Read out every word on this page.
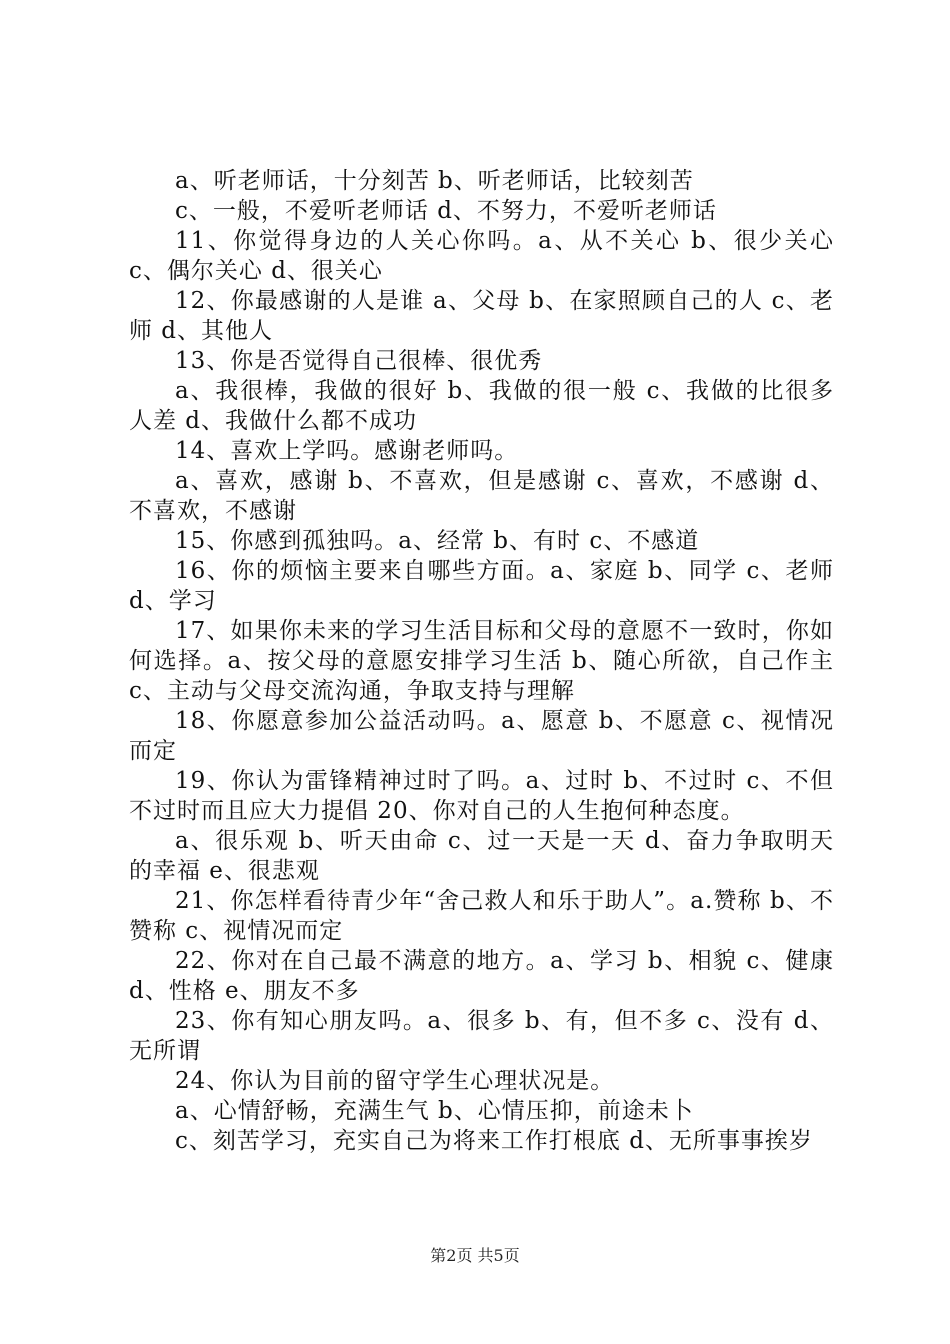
a、听老师话，十分刻苦 b、听老师话，比较刻苦

c、一般，不爱听老师话 d、不努力，不爱听老师话

11、你觉得身边的人关心你吗。a、从不关心 b、很少关心 c、偶尔关心 d、很关心

12、你最感谢的人是谁 a、父母 b、在家照顾自己的人 c、老师 d、其他人

13、你是否觉得自己很棒、很优秀

a、我很棒，我做的很好 b、我做的很一般 c、我做的比很多人差 d、我做什么都不成功

14、喜欢上学吗。感谢老师吗。

a、喜欢，感谢 b、不喜欢，但是感谢 c、喜欢，不感谢 d、不喜欢，不感谢

15、你感到孤独吗。a、经常 b、有时 c、不感道

16、你的烦恼主要来自哪些方面。a、家庭 b、同学 c、老师 d、学习

17、如果你未来的学习生活目标和父母的意愿不一致时，你如何选择。a、按父母的意愿安排学习生活 b、随心所欲，自己作主 c、主动与父母交流沟通，争取支持与理解

18、你愿意参加公益活动吗。a、愿意 b、不愿意 c、视情况而定

19、你认为雷锋精神过时了吗。a、过时 b、不过时 c、不但不过时而且应大力提倡 20、你对自己的人生抱何种态度。

a、很乐观 b、听天由命 c、过一天是一天 d、奋力争取明天的幸福 e、很悲观

21、你怎样看待青少年“舍己救人和乐于助人”。a.赞称 b、不赞称 c、视情况而定

22、你对在自己最不满意的地方。a、学习 b、相貌 c、健康 d、性格 e、朋友不多

23、你有知心朋友吗。a、很多 b、有，但不多 c、没有 d、无所谓

24、你认为目前的留守学生心理状况是。

a、心情舒畅，充满生气 b、心情压抑，前途未卜

c、刻苦学习，充实自己为将来工作打根底 d、无所事事挨岁

第2页 共5页
